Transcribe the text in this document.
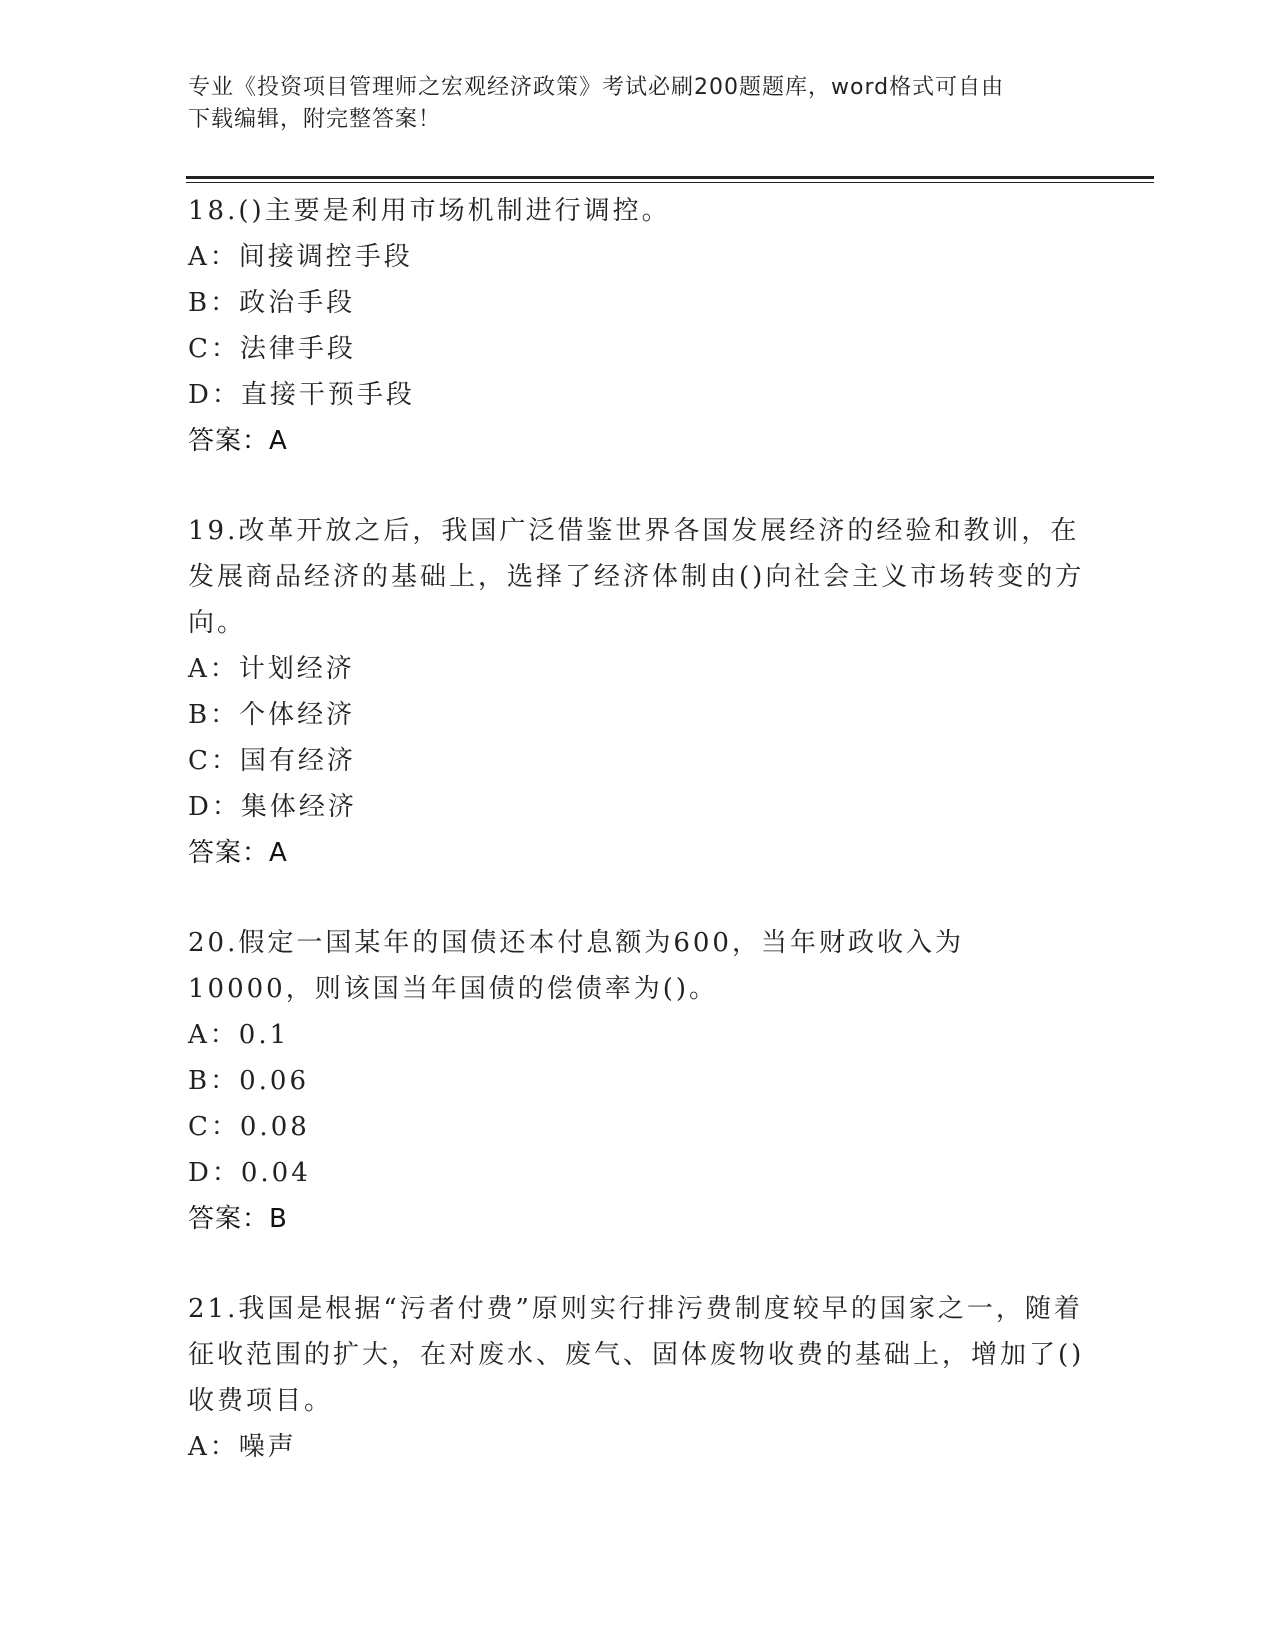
专业《投资项目管理师之宏观经济政策》考试必刷200题题库，word格式可自由
下载编辑，附完整答案！

18.()主要是利用市场机制进行调控。

A：间接调控手段

B：政治手段

C：法律手段

D：直接干预手段

答案：A

19.改革开放之后，我国广泛借鉴世界各国发展经济的经验和教训，在发展商品经济的基础上，选择了经济体制由()向社会主义市场转变的方向。

A：计划经济

B：个体经济

C：国有经济

D：集体经济

答案：A

20.假定一国某年的国债还本付息额为600，当年财政收入为10000，则该国当年国债的偿债率为()。

A：0.1

B：0.06

C：0.08

D：0.04

答案：B

21.我国是根据“污者付费”原则实行排污费制度较早的国家之一，随着征收范围的扩大，在对废水、废气、固体废物收费的基础上，增加了()收费项目。

A：噪声
